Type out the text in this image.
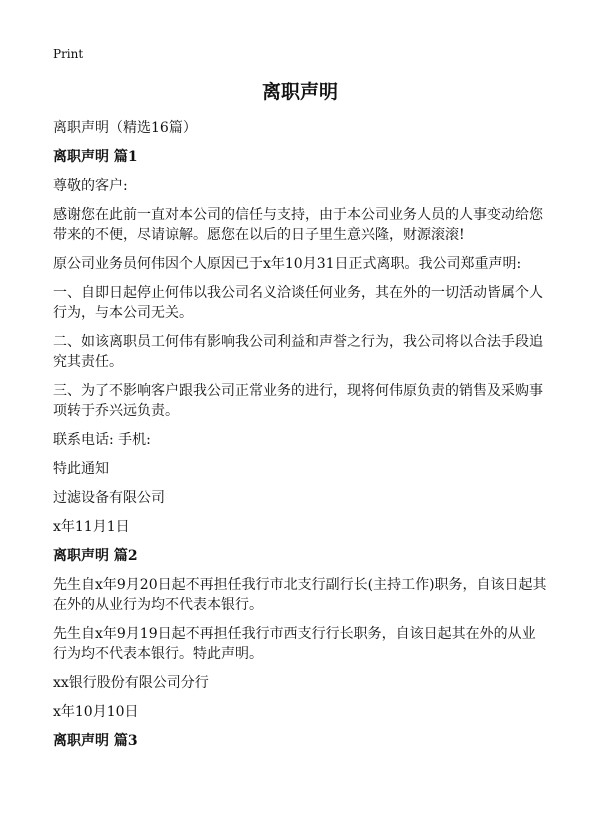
Print
离职声明

离职声明（精选16篇）

离职声明 篇1

尊敬的客户:

感谢您在此前一直对本公司的信任与支持，由于本公司业务人员的人事变动给您带来的不便，尽请谅解。愿您在以后的日子里生意兴隆，财源滚滚!

原公司业务员何伟因个人原因已于x年10月31日正式离职。我公司郑重声明:

一、自即日起停止何伟以我公司名义洽谈任何业务，其在外的一切活动皆属个人行为，与本公司无关。

二、如该离职员工何伟有影响我公司利益和声誉之行为，我公司将以合法手段追究其责任。

三、为了不影响客户跟我公司正常业务的进行，现将何伟原负责的销售及采购事项转于乔兴远负责。

联系电话: 手机:

特此通知

过滤设备有限公司

x年11月1日

离职声明 篇2

先生自x年9月20日起不再担任我行市北支行副行长(主持工作)职务，自该日起其在外的从业行为均不代表本银行。

先生自x年9月19日起不再担任我行市西支行行长职务，自该日起其在外的从业行为均不代表本银行。特此声明。

xx银行股份有限公司分行

x年10月10日

离职声明 篇3
